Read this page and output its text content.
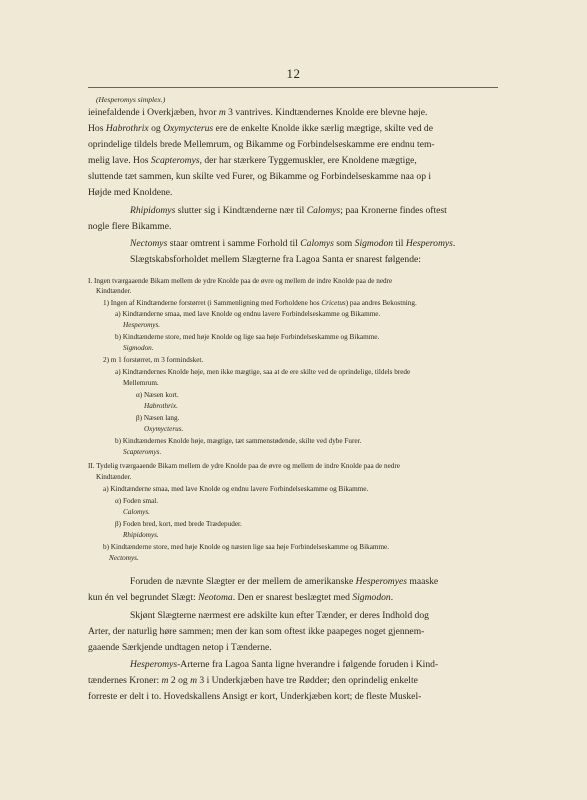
12
(Hesperomys simplex.)
ieinefaldende i Overkjæben, hvor m 3 vantrives. Kindtændernes Knolde ere blevne høje.
Hos Habrothrix og Oxymycterus ere de enkelte Knolde ikke særlig mægtige, skilte ved de
oprindelige tildels brede Mellemrum, og Bikamme og Forbindelseskamme ere endnu tem-
melig lave. Hos Scapteromys, der har stærkere Tyggemuskler, ere Knoldene mægtige,
sluttende tæt sammen, kun skilte ved Furer, og Bikamme og Forbindelseskamme naa op i
Højde med Knoldene.
Rhipidomys slutter sig i Kindtænderne nær til Calomys; paa Kronerne findes oftest
nogle flere Bikamme.
Nectomys staar omtrent i samme Forhold til Calomys som Sigmodon til Hesperomys.
Slægtskabsforholdet mellem Slægterne fra Lagoa Santa er snarest følgende:
I. Ingen tværgaaende Bikam mellem de ydre Knolde paa de øvre og mellem de indre Knolde paa de nedre
Kindtænder.
1) Ingen af Kindtænderne forstørret (i Sammenligning med Forholdene hos Cricetus) paa andres Bekostning.
a) Kindtænderne smaa, med lave Knolde og endnu lavere Forbindelseskamme og Bikamme.
Hesperomys.
b) Kindtænderne store, med høje Knolde og lige saa høje Forbindelseskamme og Bikamme.
Sigmodon.
2) m 1 forstørret, m 3 formindsket.
a) Kindtændernes Knolde høje, men ikke mægtige, saa at de ere skilte ved de oprindelige, tildels brede
Mellemrum.
α) Næsen kort.
Habrothrix.
β) Næsen lang.
Oxymycterus.
b) Kindtændernes Knolde høje, mægtige, tæt sammenstødende, skilte ved dybe Furer.
Scapteromys.
II. Tydelig tværgaaende Bikam mellem de ydre Knolde paa de øvre og mellem de indre Knolde paa de nedre
Kindtænder.
a) Kindtænderne smaa, med lave Knolde og endnu lavere Forbindelseskamme og Bikamme.
α) Foden smal.
Calomys.
β) Foden bred, kort, med brede Trædepuder.
Rhipidomys.
b) Kindtænderne store, med høje Knolde og næsten lige saa høje Forbindelseskamme og Bikamme.
Nectomys.
Foruden de nævnte Slægter er der mellem de amerikanske Hesperomyes maaske
kun én vel begrundet Slægt: Neotoma. Den er snarest beslægtet med Sigmodon.
Skjønt Slægterne nærmest ere adskilte kun efter Tænder, er deres Indhold dog
Arter, der naturlig høre sammen; men der kan som oftest ikke paapeges noget gjennem-
gaaende Særkjende undtagen netop i Tænderne.
Hesperomys-Arterne fra Lagoa Santa ligne hverandre i følgende foruden i Kind-
tændernes Kroner: m 2 og m 3 i Underkjæben have tre Rødder; den oprindelig enkelte
forreste er delt i to. Hovedskallens Ansigt er kort, Underkjæben kort; de fleste Muskel-
